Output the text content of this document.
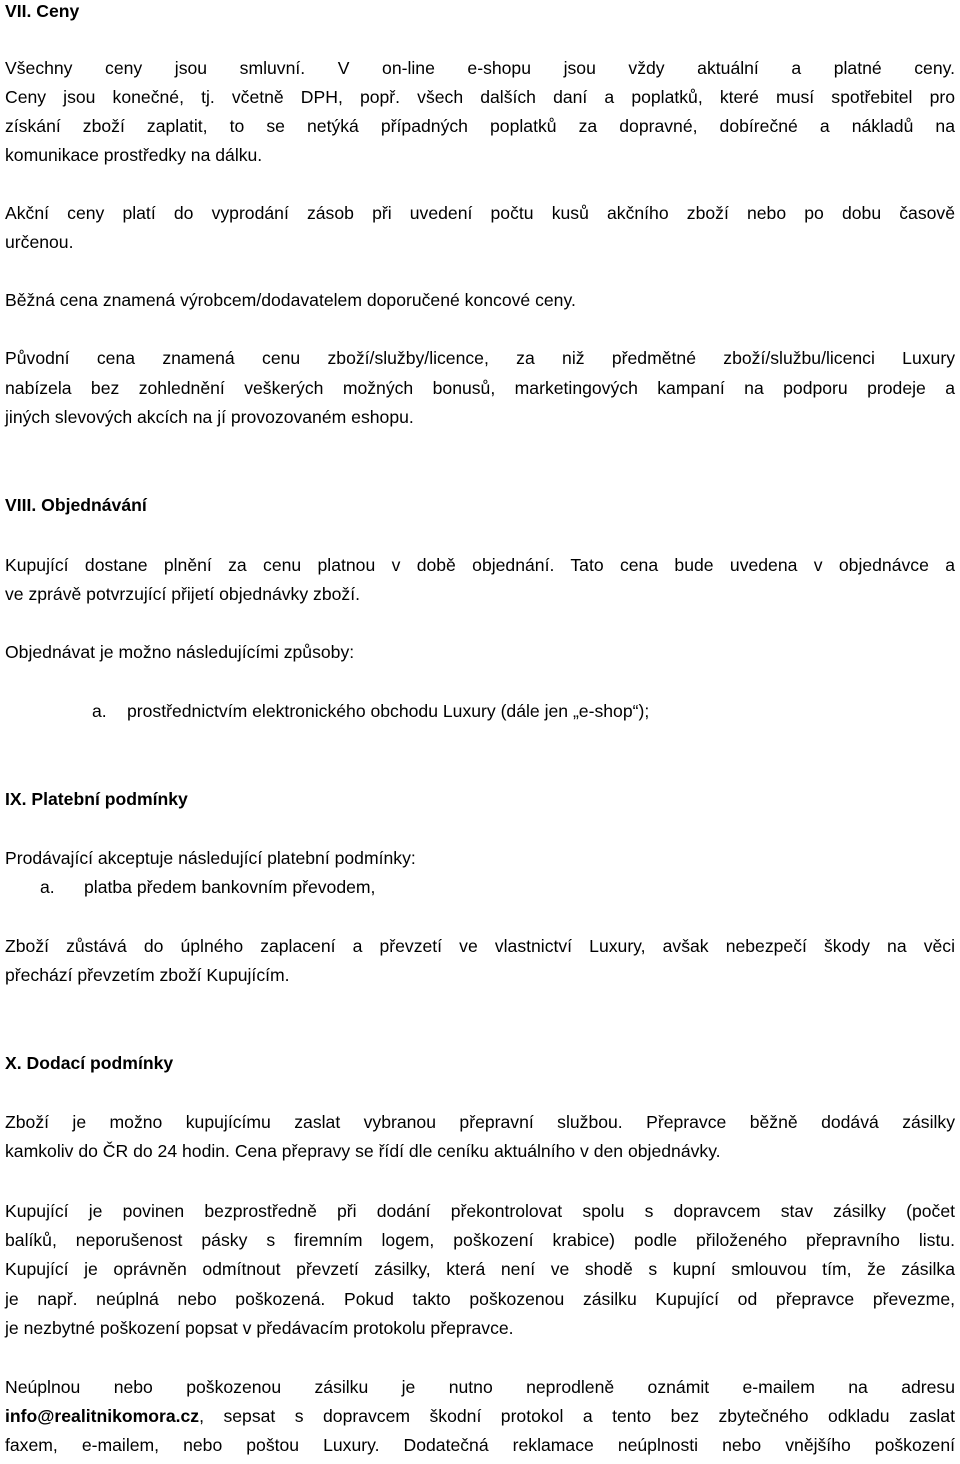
VII. Ceny
Všechny ceny jsou smluvní. V on-line e-shopu jsou vždy aktuální a platné ceny.
Ceny jsou konečné, tj. včetně DPH, popř. všech dalších daní a poplatků, které musí spotřebitel pro
získání zboží zaplatit, to se netýká případných poplatků za dopravné, dobírečné a nákladů na
komunikace prostředky na dálku.
Akční ceny platí do vyprodání zásob při uvedení počtu kusů akčního zboží nebo po dobu časově
určenou.
Běžná cena znamená výrobcem/dodavatelem doporučené koncové ceny.
Původní cena znamená cenu zboží/služby/licence, za niž předmětné zboží/službu/licenci Luxury
nabízela bez zohlednění veškerých možných bonusů, marketingových kampaní na podporu prodeje a
jiných slevových akcích na jí provozovaném eshopu.
VIII. Objednávání
Kupující dostane plnění za cenu platnou v době objednání. Tato cena bude uvedena v objednávce a
ve zprávě potvrzující přijetí objednávky zboží.
Objednávat je možno následujícími způsoby:
a. prostřednictvím elektronického obchodu Luxury (dále jen „e-shop“);
IX. Platební podmínky
Prodávající akceptuje následující platební podmínky:
a. platba předem bankovním převodem,
Zboží zůstává do úplného zaplacení a převzetí ve vlastnictví Luxury, avšak nebezpečí škody na věci
přechází převzetím zboží Kupujícím.
X. Dodací podmínky
Zboží je možno kupujícímu zaslat vybranou přepravní službou. Přepravce běžně dodává zásilky
kamkoliv do ČR do 24 hodin. Cena přepravy se řídí dle ceníku aktuálního v den objednávky.
Kupující je povinen bezprostředně při dodání překontrolovat spolu s dopravcem stav zásilky (počet
balíků, neporušenost pásky s firemním logem, poškození krabice) podle přiloženého přepravního listu.
Kupující je oprávněn odmítnout převzetí zásilky, která není ve shodě s kupní smlouvou tím, že zásilka
je např. neúplná nebo poškozená. Pokud takto poškozenou zásilku Kupující od přepravce převezme,
je nezbytné poškození popsat v předávacím protokolu přepravce.
Neúplnou nebo poškozenou zásilku je nutno neprodleně oznámit e-mailem na adresu
info@realitnikomora.cz, sepsat s dopravcem škodní protokol a tento bez zbytečného odkladu zaslat
faxem, e-mailem, nebo poštou Luxury. Dodatečná reklamace neúplnosti nebo vnějšího poškození
